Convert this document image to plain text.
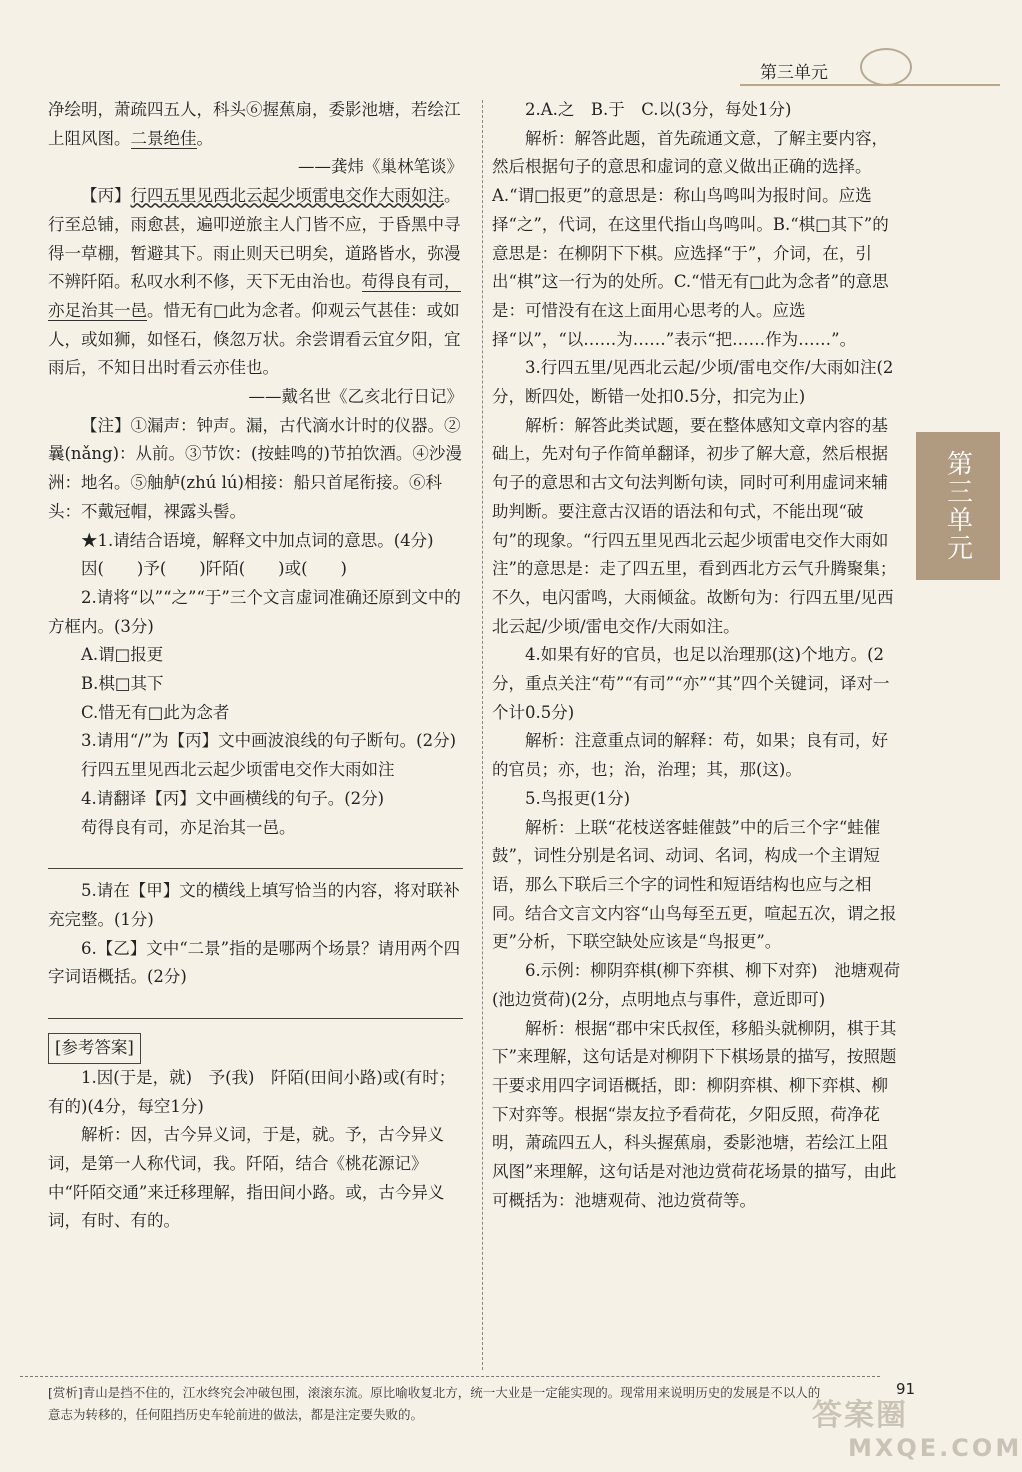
第三单元

净绘明，萧疏四五人，科头⑥握蕉扇，委影池塘，若绘江上阻风图。二景绝佳。

——龚炜《巢林笔谈》

【丙】行四五里见西北云起少顷雷电交作大雨如注。行至总铺，雨愈甚，遍叩逆旅主人门皆不应，于昏黑中寻得一草棚，暂避其下。雨止则天已明矣，道路皆水，弥漫不辨阡陌。私叹水利不修，天下无由治也。苟得良有司，亦足治其一邑。惜无有□此为念者。仰观云气甚佳：或如人，或如狮，如怪石，倏忽万状。余尝谓看云宜夕阳，宜雨后，不知日出时看云亦佳也。

——戴名世《乙亥北行日记》

【注】①漏声：钟声。漏，古代滴水计时的仪器。②曩(nǎng)：从前。③节饮：(按蛙鸣的)节拍饮酒。④沙漫洲：地名。⑤舳舻(zhú lú)相接：船只首尾衔接。⑥科头：不戴冠帽，裸露头髻。

★1.请结合语境，解释文中加点词的意思。(4分)

因(　　)予(　　)阡陌(　　)或(　　)

2.请将“以”“之”“于”三个文言虚词准确还原到文中的方框内。(3分)

A.谓□报更

B.棋□其下

C.惜无有□此为念者

3.请用“/”为【丙】文中画波浪线的句子断句。(2分)

行四五里见西北云起少顷雷电交作大雨如注

4.请翻译【丙】文中画横线的句子。(2分)

苟得良有司，亦足治其一邑。

5.请在【甲】文的横线上填写恰当的内容，将对联补充完整。(1分)

6.【乙】文中“二景”指的是哪两个场景？请用两个四字词语概括。(2分)

[参考答案]

1.因(于是，就)　予(我)　阡陌(田间小路)或(有时；有的)(4分，每空1分)

解析：因，古今异义词，于是，就。予，古今异义词，是第一人称代词，我。阡陌，结合《桃花源记》中“阡陌交通”来迁移理解，指田间小路。或，古今异义词，有时、有的。

2.A.之　B.于　C.以(3分，每处1分)

解析：解答此题，首先疏通文意，了解主要内容，然后根据句子的意思和虚词的意义做出正确的选择。A.“谓□报更”的意思是：称山鸟鸣叫为报时间。应选择“之”，代词，在这里代指山鸟鸣叫。B.“棋□其下”的意思是：在柳阴下下棋。应选择“于”，介词，在，引出“棋”这一行为的处所。C.“惜无有□此为念者”的意思是：可惜没有在这上面用心思考的人。应选择“以”，“以……为……”表示“把……作为……”。

3.行四五里/见西北云起/少顷/雷电交作/大雨如注(2分，断四处，断错一处扣0.5分，扣完为止)

解析：解答此类试题，要在整体感知文章内容的基础上，先对句子作简单翻译，初步了解大意，然后根据句子的意思和古文句法判断句读，同时可利用虚词来辅助判断。要注意古汉语的语法和句式，不能出现“破句”的现象。“行四五里见西北云起少顷雷电交作大雨如注”的意思是：走了四五里，看到西北方云气升腾聚集；不久，电闪雷鸣，大雨倾盆。故断句为：行四五里/见西北云起/少顷/雷电交作/大雨如注。

4.如果有好的官员，也足以治理那(这)个地方。(2分，重点关注“苟”“有司”“亦”“其”四个关键词，译对一个计0.5分)

解析：注意重点词的解释：苟，如果；良有司，好的官员；亦，也；治，治理；其，那(这)。

5.鸟报更(1分)

解析：上联“花枝送客蛙催鼓”中的后三个字“蛙催鼓”，词性分别是名词、动词、名词，构成一个主谓短语，那么下联后三个字的词性和短语结构也应与之相同。结合文言文内容“山鸟每至五更，喧起五次，谓之报更”分析，下联空缺处应该是“鸟报更”。

6.示例：柳阴弈棋(柳下弈棋、柳下对弈)　池塘观荷(池边赏荷)(2分，点明地点与事件，意近即可)

解析：根据“郡中宋氏叔侄，移船头就柳阴，棋于其下”来理解，这句话是对柳阴下下棋场景的描写，按照题干要求用四字词语概括，即：柳阴弈棋、柳下弈棋、柳下对弈等。根据“崇友拉予看荷花，夕阳反照，荷净花明，萧疏四五人，科头握蕉扇，委影池塘，若绘江上阻风图”来理解，这句话是对池边赏荷花场景的描写，由此可概括为：池塘观荷、池边赏荷等。

第三单元
[赏析]青山是挡不住的，江水终究会冲破包围，滚滚东流。原比喻收复北方，统一大业是一定能实现的。现常用来说明历史的发展是不以人的意志为转移的，任何阻挡历史车轮前进的做法，都是注定要失败的。
91
答案圈
MXQE.COM
